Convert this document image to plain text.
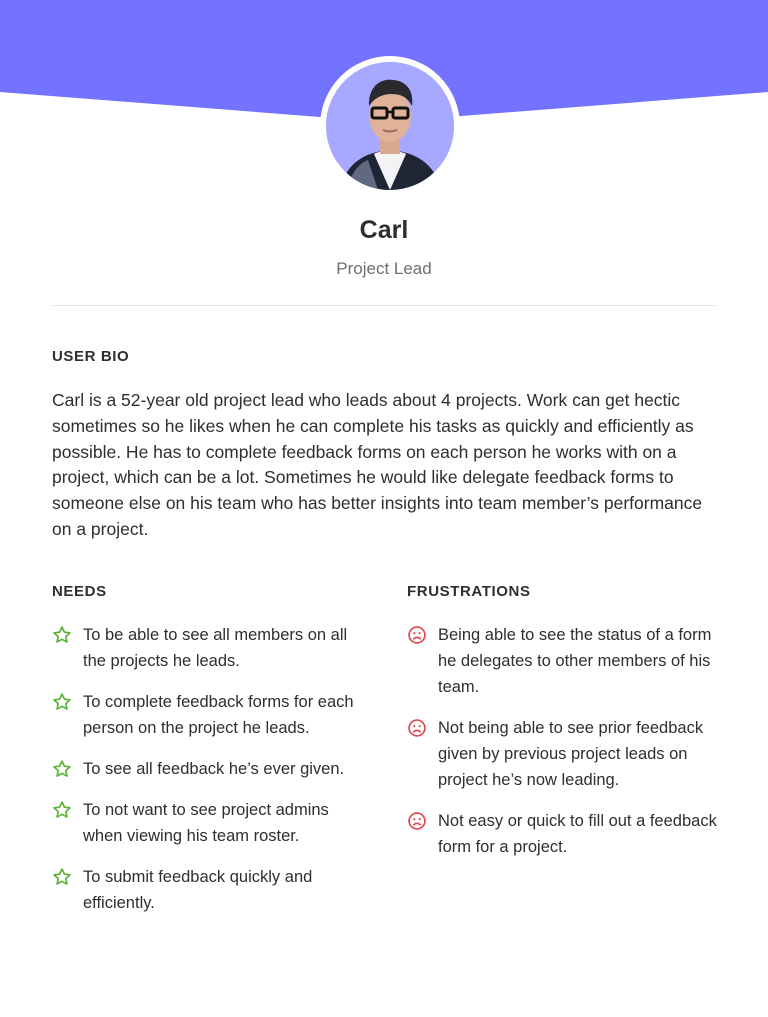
Carl
Project Lead
USER BIO

Carl is a 52-year old project lead who leads about 4 projects. Work can get hectic sometimes so he likes when he can complete his tasks as quickly and efficiently as possible. He has to complete feedback forms on each person he works with on a project, which can be a lot. Sometimes he would like delegate feedback forms to someone else on his team who has better insights into team member’s performance on a project.

NEEDS
To be able to see all members on all the projects he leads.
To complete feedback forms for each person on the project he leads.
To see all feedback he’s ever given.
To not want to see project admins when viewing his team roster.
To submit feedback quickly and efficiently.
FRUSTRATIONS
Being able to see the status of a form he delegates to other members of his team.
Not being able to see prior feedback given by previous project leads on project he’s now leading.
Not easy or quick to fill out a feedback form for a project.
